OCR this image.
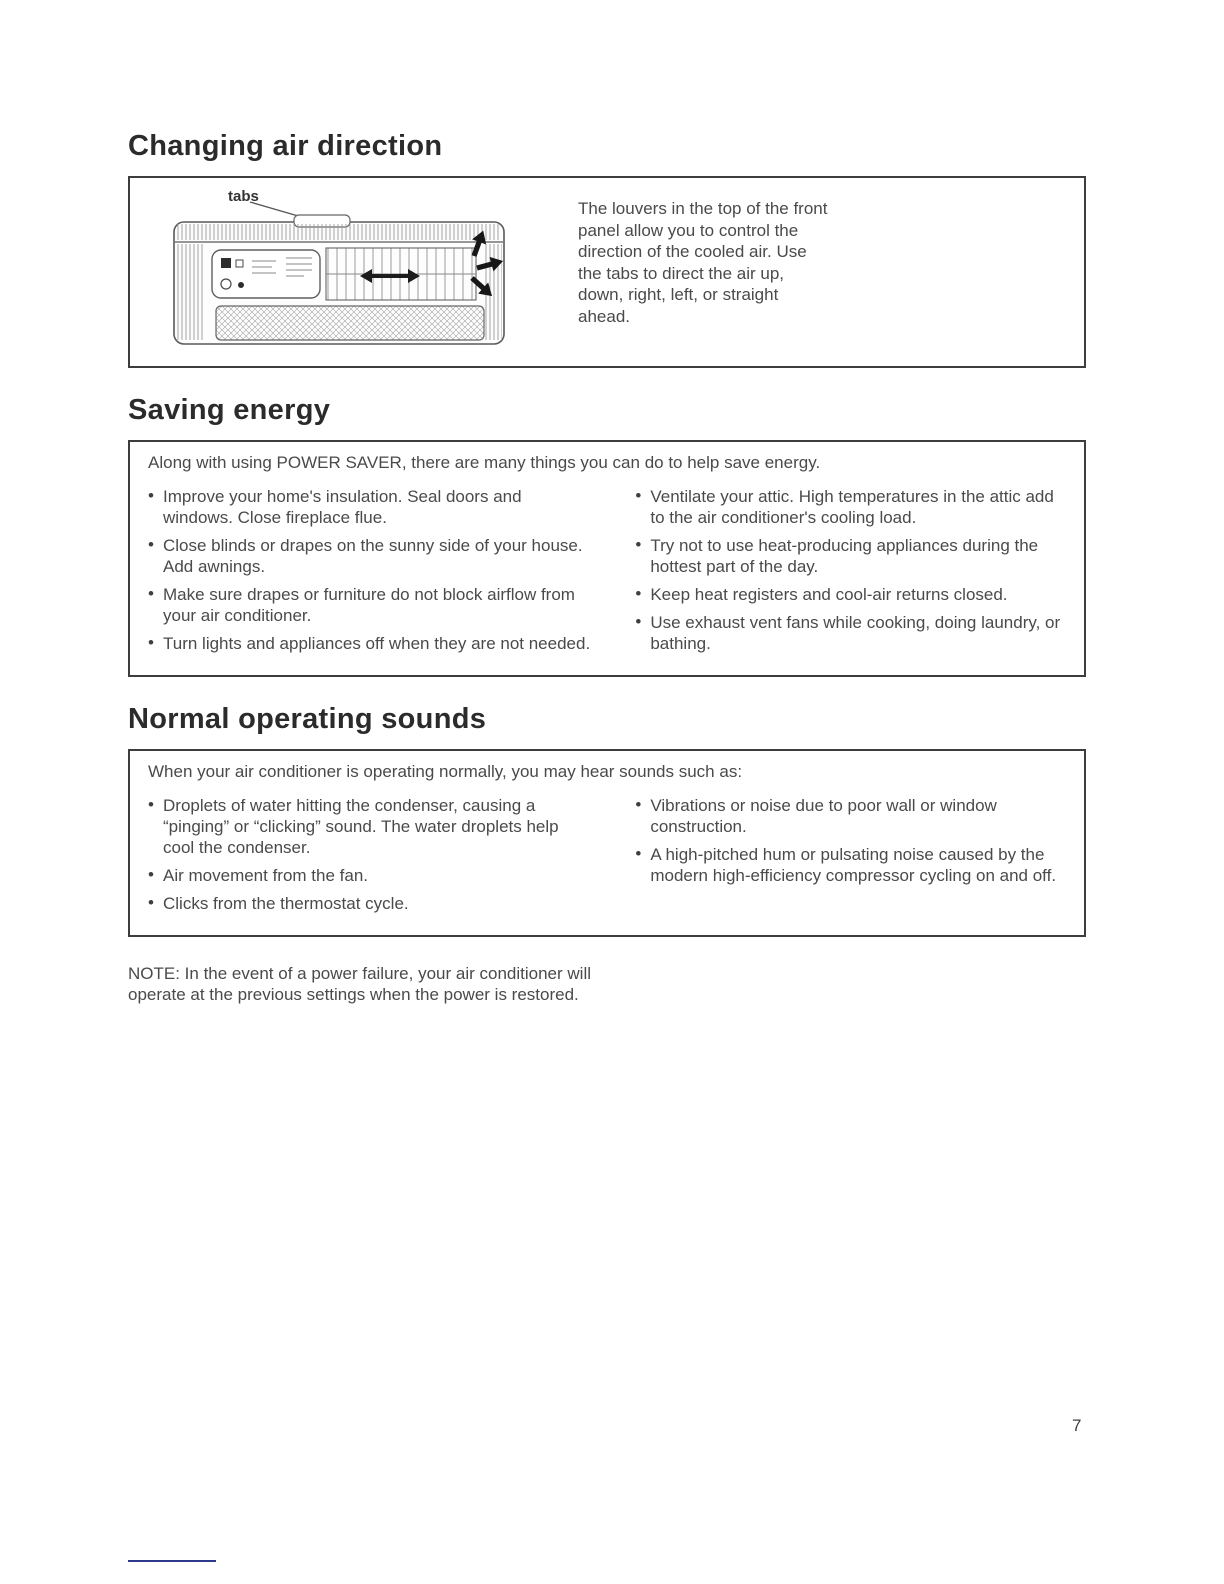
Changing air direction
tabs

The louvers in the top of the front panel allow you to control the direction of the cooled air. Use the tabs to direct the air up, down, right, left, or straight ahead.

Saving energy

Along with using POWER SAVER, there are many things you can do to help save energy.

• Improve your home's insulation. Seal doors and windows. Close fireplace flue.
• Close blinds or drapes on the sunny side of your house. Add awnings.
• Make sure drapes or furniture do not block airflow from your air conditioner.
• Turn lights and appliances off when they are not needed.
• Ventilate your attic. High temperatures in the attic add to the air conditioner's cooling load.
• Try not to use heat-producing appliances during the hottest part of the day.
• Keep heat registers and cool-air returns closed.
• Use exhaust vent fans while cooking, doing laundry, or bathing.
Normal operating sounds

When your air conditioner is operating normally, you may hear sounds such as:

• Droplets of water hitting the condenser, causing a “pinging” or “clicking” sound. The water droplets help cool the condenser.
• Air movement from the fan.
• Clicks from the thermostat cycle.
• Vibrations or noise due to poor wall or window construction.
• A high-pitched hum or pulsating noise caused by the modern high-efficiency compressor cycling on and off.

NOTE: In the event of a power failure, your air conditioner will operate at the previous settings when the power is restored.

7
